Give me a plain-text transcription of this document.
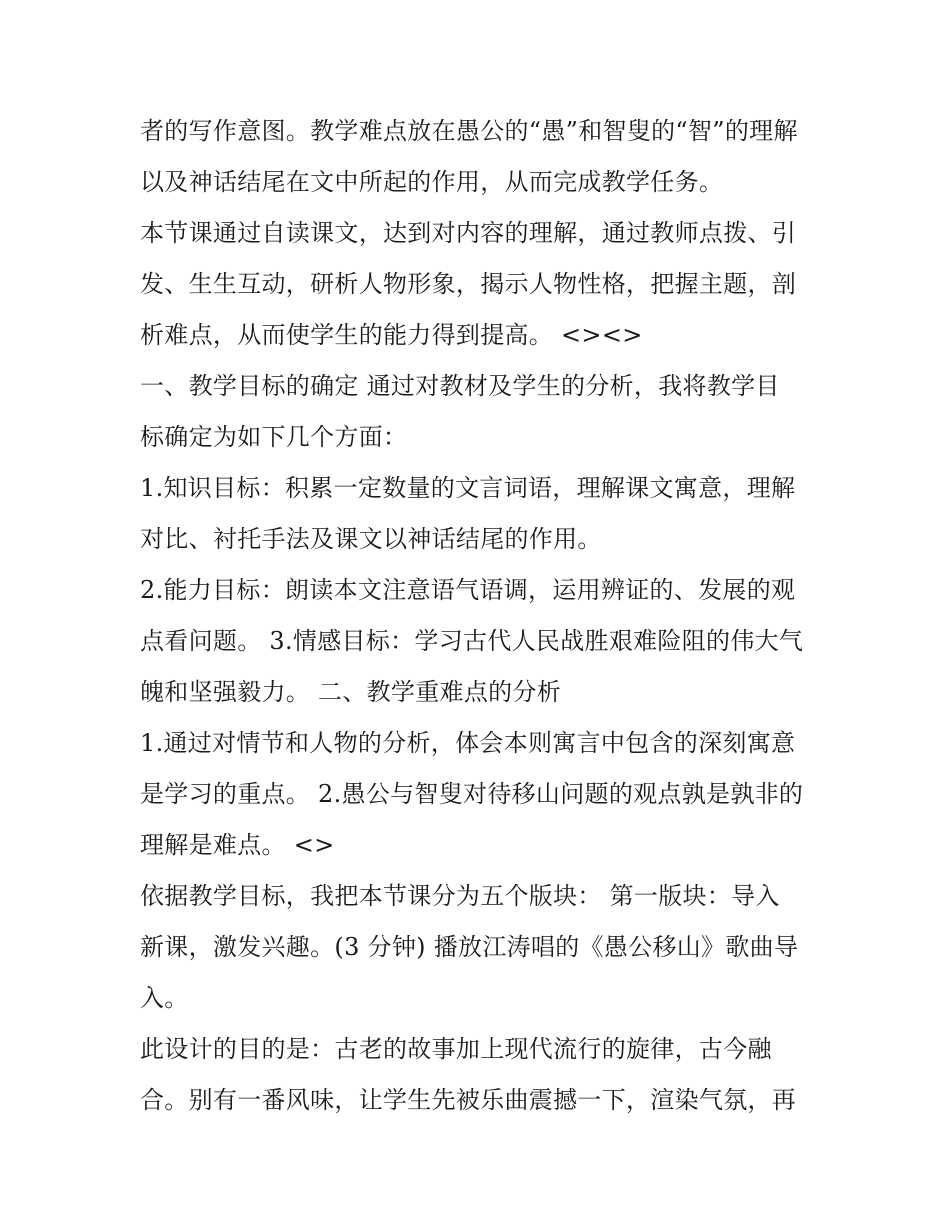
者的写作意图。教学难点放在愚公的“愚”和智叟的“智”的理解
以及神话结尾在文中所起的作用，从而完成教学任务。
本节课通过自读课文，达到对内容的理解，通过教师点拨、引
发、生生互动，研析人物形象，揭示人物性格，把握主题，剖
析难点，从而使学生的能力得到提高。 <><>
一、教学目标的确定 通过对教材及学生的分析，我将教学目
标确定为如下几个方面：
1.知识目标：积累一定数量的文言词语，理解课文寓意，理解
对比、衬托手法及课文以神话结尾的作用。
2.能力目标：朗读本文注意语气语调，运用辨证的、发展的观
点看问题。 3.情感目标：学习古代人民战胜艰难险阻的伟大气
魄和坚强毅力。 二、教学重难点的分析
1.通过对情节和人物的分析，体会本则寓言中包含的深刻寓意
是学习的重点。 2.愚公与智叟对待移山问题的观点孰是孰非的
理解是难点。 <>
依据教学目标，我把本节课分为五个版块： 第一版块：导入
新课，激发兴趣。(3 分钟) 播放江涛唱的《愚公移山》歌曲导
入。
此设计的目的是：古老的故事加上现代流行的旋律，古今融
合。别有一番风味，让学生先被乐曲震撼一下，渲染气氛，再
